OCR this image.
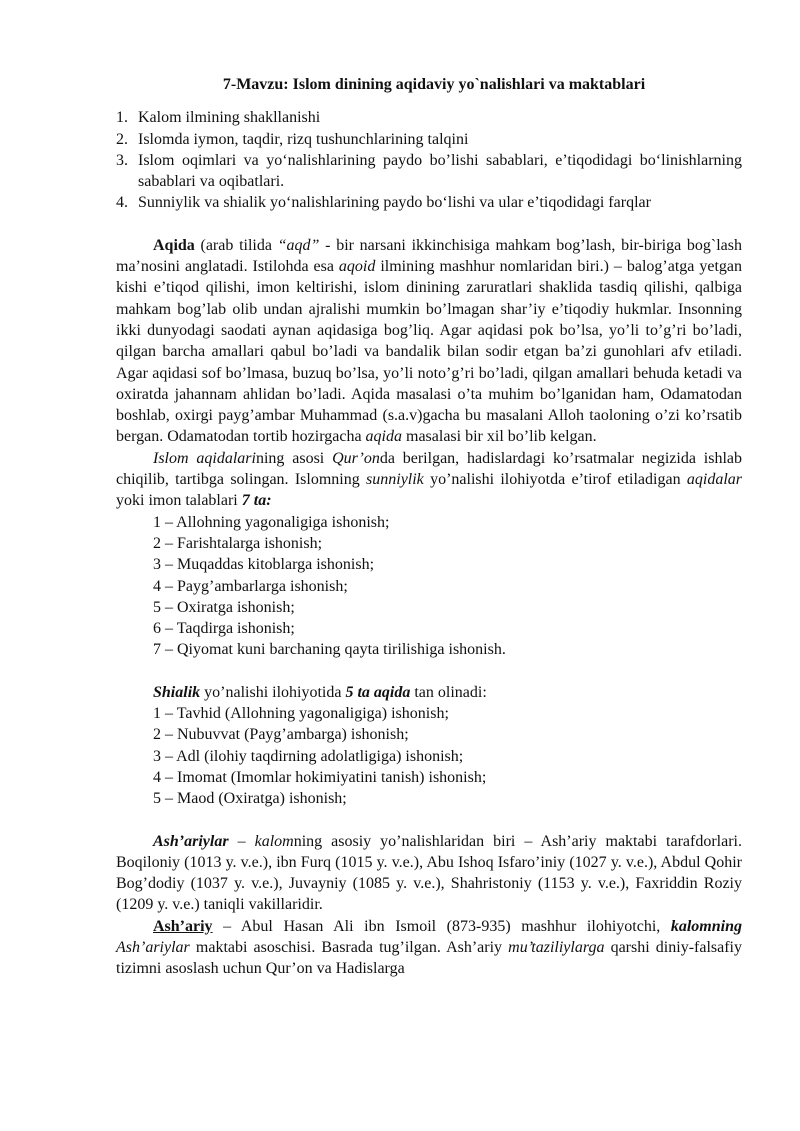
7-Mavzu: Islom dinining aqidaviy yo`nalishlari va maktablari
1. Kalom ilmining shakllanishi
2. Islomda iymon, taqdir, rizq tushunchlarining talqini
3. Islom oqimlari va yo‘nalishlarining paydo bo’lishi sabablari, e’tiqodidagi bo‘linishlarning sabablari va oqibatlari.
4. Sunniylik va shialik yo‘nalishlarining paydo bo‘lishi va ular e’tiqodidagi farqlar

Aqida (arab tilida “aqd” - bir narsani ikkinchisiga mahkam bog’lash, bir-biriga bog`lash ma’nosini anglatadi. Istilohda esa aqoid ilmining mashhur nomlaridan biri.) – balog’atga yetgan kishi e’tiqod qilishi, imon keltirishi, islom dinining zaruratlari shaklida tasdiq qilishi, qalbiga mahkam bog’lab olib undan ajralishi mumkin bo’lmagan shar’iy e’tiqodiy hukmlar. Insonning ikki dunyodagi saodati aynan aqidasiga bog’liq. Agar aqidasi pok bo’lsa, yo’li to’g’ri bo’ladi, qilgan barcha amallari qabul bo’ladi va bandalik bilan sodir etgan ba’zi gunohlari afv etiladi. Agar aqidasi sof bo’lmasa, buzuq bo’lsa, yo’li noto’g’ri bo’ladi, qilgan amallari behuda ketadi va oxiratda jahannam ahlidan bo’ladi. Aqida masalasi o’ta muhim bo’lganidan ham, Odamatodan boshlab, oxirgi payg’ambar Muhammad (s.a.v)gacha bu masalani Alloh taoloning o’zi ko’rsatib bergan. Odamatodan tortib hozirgacha aqida masalasi bir xil bo’lib kelgan.

Islom aqidalarining asosi Qur’onda berilgan, hadislardagi ko’rsatmalar negizida ishlab chiqilib, tartibga solingan. Islomning sunniylik yo’nalishi ilohiyotda e’tirof etiladigan aqidalar yoki imon talablari 7 ta:

1 – Allohning yagonaligiga ishonish;

2 – Farishtalarga ishonish;

3 – Muqaddas kitoblarga ishonish;

4 – Payg’ambarlarga ishonish;

5 – Oxiratga ishonish;

6 – Taqdirga ishonish;

7 – Qiyomat kuni barchaning qayta tirilishiga ishonish.

Shialik yo’nalishi ilohiyotida 5 ta aqida tan olinadi:

1 – Tavhid (Allohning yagonaligiga) ishonish;

2 – Nubuvvat (Payg’ambarga) ishonish;

3 – Adl (ilohiy taqdirning adolatligiga) ishonish;

4 – Imomat (Imomlar hokimiyatini tanish) ishonish;

5 – Maod (Oxiratga) ishonish;

Ash’ariylar – kalomning asosiy yo’nalishlaridan biri – Ash’ariy maktabi tarafdorlari. Boqiloniy (1013 y. v.e.), ibn Furq (1015 y. v.e.), Abu Ishoq Isfaro’iniy (1027 y. v.e.), Abdul Qohir Bog’dodiy (1037 y. v.e.), Juvayniy (1085 y. v.e.), Shahristoniy (1153 y. v.e.), Faxriddin Roziy (1209 y. v.e.) taniqli vakillaridir.

Ash’ariy – Abul Hasan Ali ibn Ismoil (873-935) mashhur ilohiyotchi, kalomning Ash’ariylar maktabi asoschisi. Basrada tug’ilgan. Ash’ariy mu’taziliylarga qarshi diniy-falsafiy tizimni asoslash uchun Qur’on va Hadislarga
